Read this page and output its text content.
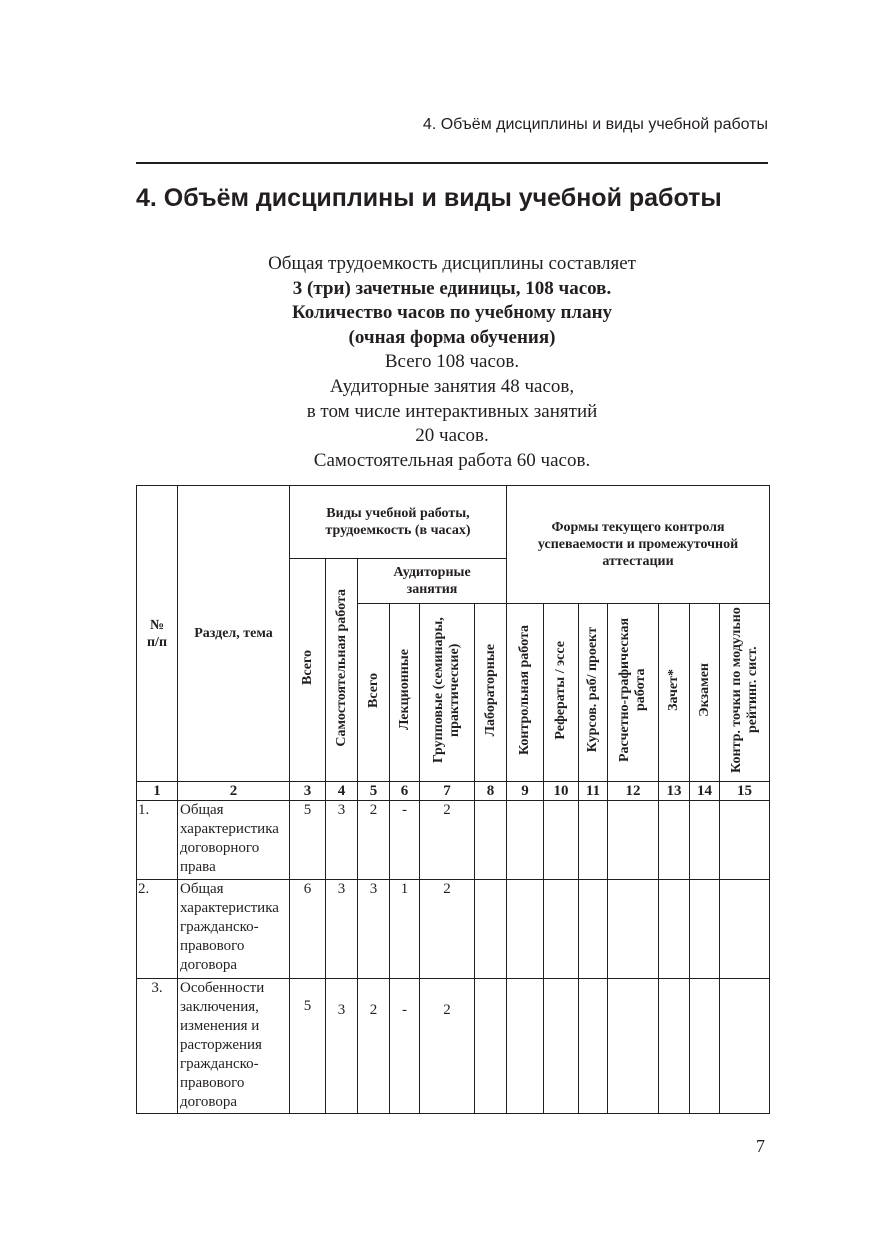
4. Объём дисциплины и виды учебной работы
4. Объём дисциплины и виды учебной работы
Общая трудоемкость дисциплины составляет
3 (три) зачетные единицы, 108 часов.
Количество часов по учебному плану
(очная форма обучения)
Всего 108 часов.
Аудиторные занятия 48 часов,
в том числе интерактивных занятий
20 часов.
Самостоятельная работа 60 часов.
№ п/п	Раздел, тема	Виды учебной работы, трудоемкость (в часах)						Формы текущего контроля успеваемости и промежуточной аттестации						
		Всего	Самостоятельная работа	Аудиторные занятия										
				Всего	Лекционные	Групповые (семинары, практические)	Лабораторные	Контрольная работа	Рефераты / эссе	Курсов. раб/ проект	Расчетно-графическая работа	Зачет*	Экзамен	Контр. точки по модульно рейтинг. сист.
1	2	3	4	5	6	7	8	9	10	11	12	13	14	15
1.	Общая характеристика договорного права	5	3	2	-	2								
2.	Общая характеристика гражданско-правового договора	6	3	3	1	2								
3.	Особенности заключения, изменения и расторжения гражданско-правового договора	5	3	2	-	2								
7
